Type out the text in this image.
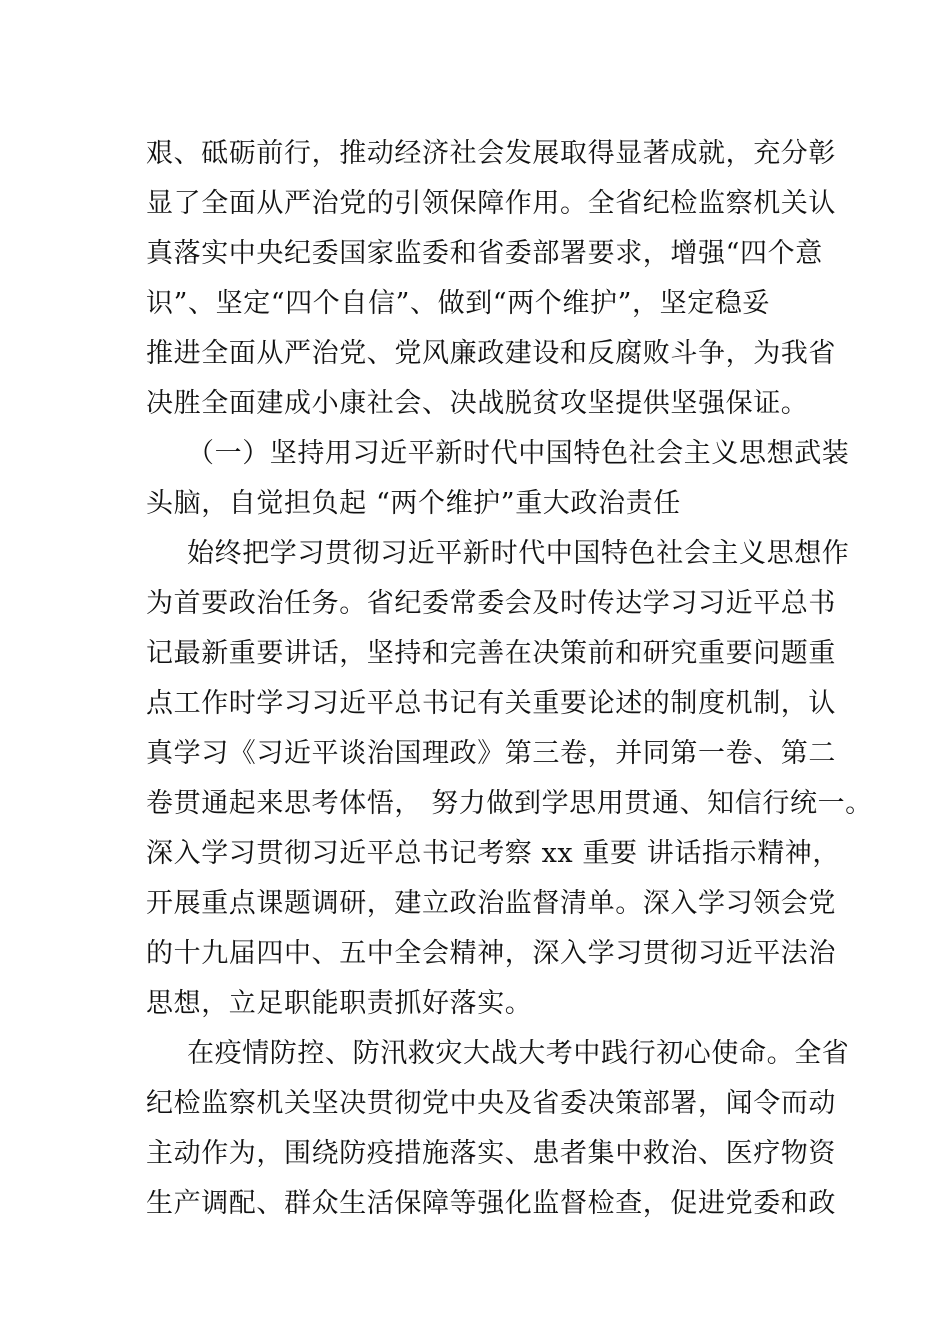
艰、砥砺前行，推动经济社会发展取得显著成就，充分彰
显了全面从严治党的引领保障作用。全省纪检监察机关认
真落实中央纪委国家监委和省委部署要求，增强“四个意
识”、坚定“四个自信”、做到“两个维护”，坚定稳妥
推进全面从严治党、党风廉政建设和反腐败斗争，为我省
决胜全面建成小康社会、决战脱贫攻坚提供坚强保证。
（一）坚持用习近平新时代中国特色社会主义思想武装
头脑，自觉担负起 “两个维护”重大政治责任
始终把学习贯彻习近平新时代中国特色社会主义思想作
为首要政治任务。省纪委常委会及时传达学习习近平总书
记最新重要讲话，坚持和完善在决策前和研究重要问题重
点工作时学习习近平总书记有关重要论述的制度机制，认
真学习《习近平谈治国理政》第三卷，并同第一卷、第二
卷贯通起来思考体悟， 努力做到学思用贯通、知信行统一。
深入学习贯彻习近平总书记考察 xx 重要 讲话指示精神，
开展重点课题调研，建立政治监督清单。深入学习领会党
的十九届四中、五中全会精神，深入学习贯彻习近平法治
思想，立足职能职责抓好落实。
在疫情防控、防汛救灾大战大考中践行初心使命。全省
纪检监察机关坚决贯彻党中央及省委决策部署，闻令而动
主动作为，围绕防疫措施落实、患者集中救治、医疗物资
生产调配、群众生活保障等强化监督检查，促进党委和政
